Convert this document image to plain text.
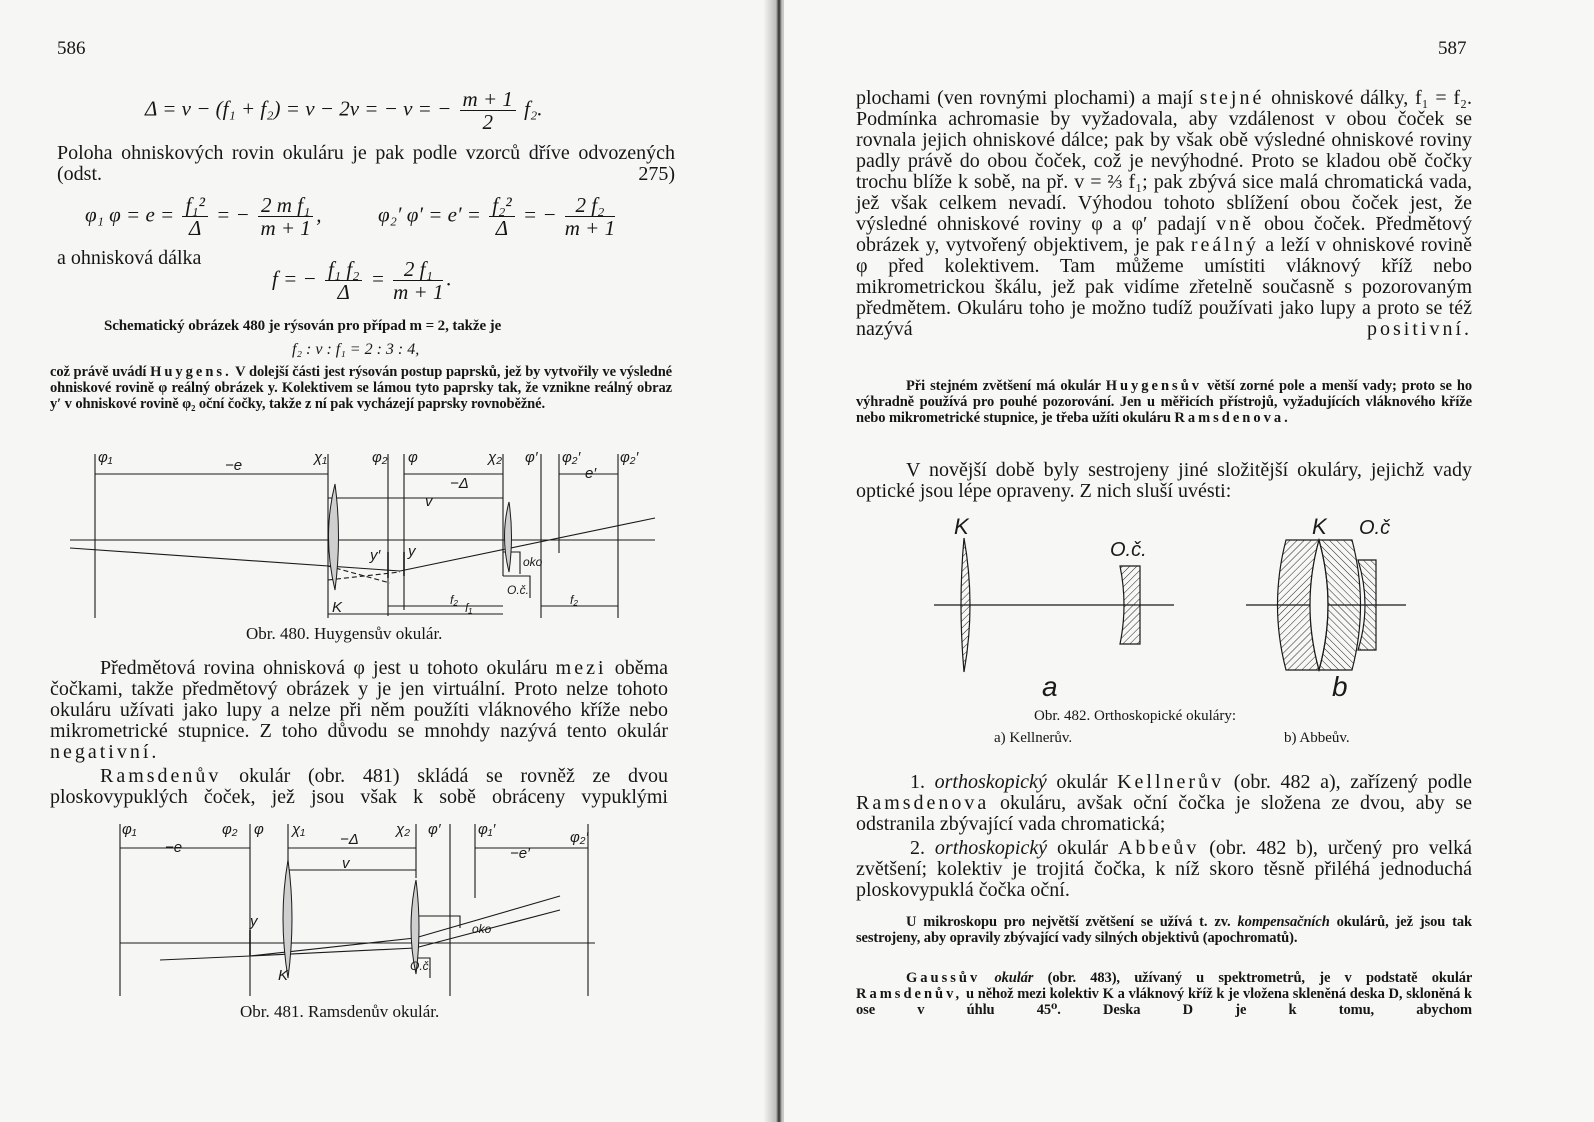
586
Δ = v − (f₁ + f₂) = v − 2v = − v = − $\frac{m + 1}{2} f_2$.

Poloha ohniskových rovin okuláru je pak podle vzorců dříve odvozených (odst. 275)

φ₁ $\varphi = e = \frac{\text{f₁²}}{\Delta}$ = − $\frac{\text{2 m f₁}}{m + 1}$ ,	φ₂′ $\varphi' = e' = \frac{\text{f₂²}}{\Delta}$ = − $\frac{\text{2 f₂}}{m + 1}$
a ohnisková dálka
f = − $\frac{\text{f₁ f₂}}{\Delta} = \frac{\text{2 f₁}}{m + 1}$ .

Schematický obrázek 480 je rýsován pro případ m = 2, takže je

f₂ : v : f₁ = 2 : 3 : 4,

což právě uvádí Huygens. V dolejší části jest rýsován postup paprsků, jež by vytvořily ve výsledné ohniskové rovině φ reálný obrázek y. Kolektivem se lámou tyto paprsky tak, že vznikne reálný obraz y′ v ohniskové rovině φ₂ oční čočky, takže z ní pak vycházejí paprsky rovnoběžné.

φ₁	−e	χ₁	φ₂ φ
−Δ
χ₂ φ′ φ₂′
e′
φ₂′
v
y′ y
oko
K
O.č.
f₂
f₁
f₂
Obr. 480. Huygensův okulár.

Předmětová rovina ohnisková φ jest u tohoto okuláru mezi oběma čočkami, takže předmětový obrázek y je jen virtuální. Proto nelze tohoto okuláru užívati jako lupy a nelze při něm použíti vláknového kříže nebo mikrometrické stupnice. Z toho důvodu se mnohdy nazývá tento okulár negativní.

Ramsdenův okulár (obr. 481) skládá se rovněž ze dvou ploskovypuklých čoček, jež jsou však k sobě obráceny vypuklými

φ₁
−e
φ₂ φ χ₁
−Δ
χ₂ φ′ φ₁′
−e′
φ₂′
v
y	oko
K
O.č.
Obr. 481. Ramsdenův okulár.
587

plochami (ven rovnými plochami) a mají stejné ohniskové dálky, f₁ = f₂. Podmínka achromasie by vyžadovala, aby vzdálenost v obou čoček se rovnala jejich ohniskové dálce; pak by však obě výsledné ohniskové roviny padly právě do obou čoček, což je nevýhodné. Proto se kladou obě čočky trochu blíže k sobě, na př. v = ⅔ f₁; pak zbývá sice malá chromatická vada, jež však celkem nevadí. Výhodou tohoto sblížení obou čoček jest, že výsledné ohniskové roviny φ a φ′ padají vně obou čoček. Předmětový obrázek y, vytvořený objektivem, je pak reálný a leží v ohniskové rovině φ před kolektivem. Tam můžeme umístiti vláknový kříž nebo mikrometrickou škálu, jež pak vidíme zřetelně současně s pozorovaným předmětem. Okuláru toho je možno tudíž používati jako lupy a proto se též nazývá	positivní.

Při stejném zvětšení má okulár Huygensův větší zorné pole a menší vady; proto se ho výhradně používá pro pouhé pozorování. Jen u měřicích přístrojů, vyžadujících vláknového kříže nebo mikrometrické stupnice, je třeba užíti okuláru Ramsdenova.

V novější době byly sestrojeny jiné složitější okuláry, jejichž vady optické jsou lépe opraveny. Z nich sluší uvésti:

K
O.č.
K O.č
a	b
Obr. 482. Orthoskopické okuláry:
a) Kellnerův.	b) Abbeův.

1. orthoskopický okulár Kellnerův (obr. 482 a), zařízený podle Ramsdenova okuláru, avšak oční čočka je složena ze dvou, aby se odstranila zbývající vada chromatická;

2. orthoskopický okulár Abbeův (obr. 482 b), určený pro velká zvětšení; kolektiv je trojitá čočka, k níž skoro těsně přiléhá jednoduchá ploskovypuklá čočka oční.

U mikroskopu pro největší zvětšení se užívá t. zv. kompensačních okulárů, jež jsou tak sestrojeny, aby opravily zbývající vady silných objektivů (apochromatů).

Gaussův okulár (obr. 483), užívaný u spektrometrů, je v podstatě okulár Ramsdenův, u něhož mezi kolektiv K a vláknový kříž k je vložena skleněná deska D, skloněná k ose v úhlu 45⁰. Deska D je k tomu, abychom
